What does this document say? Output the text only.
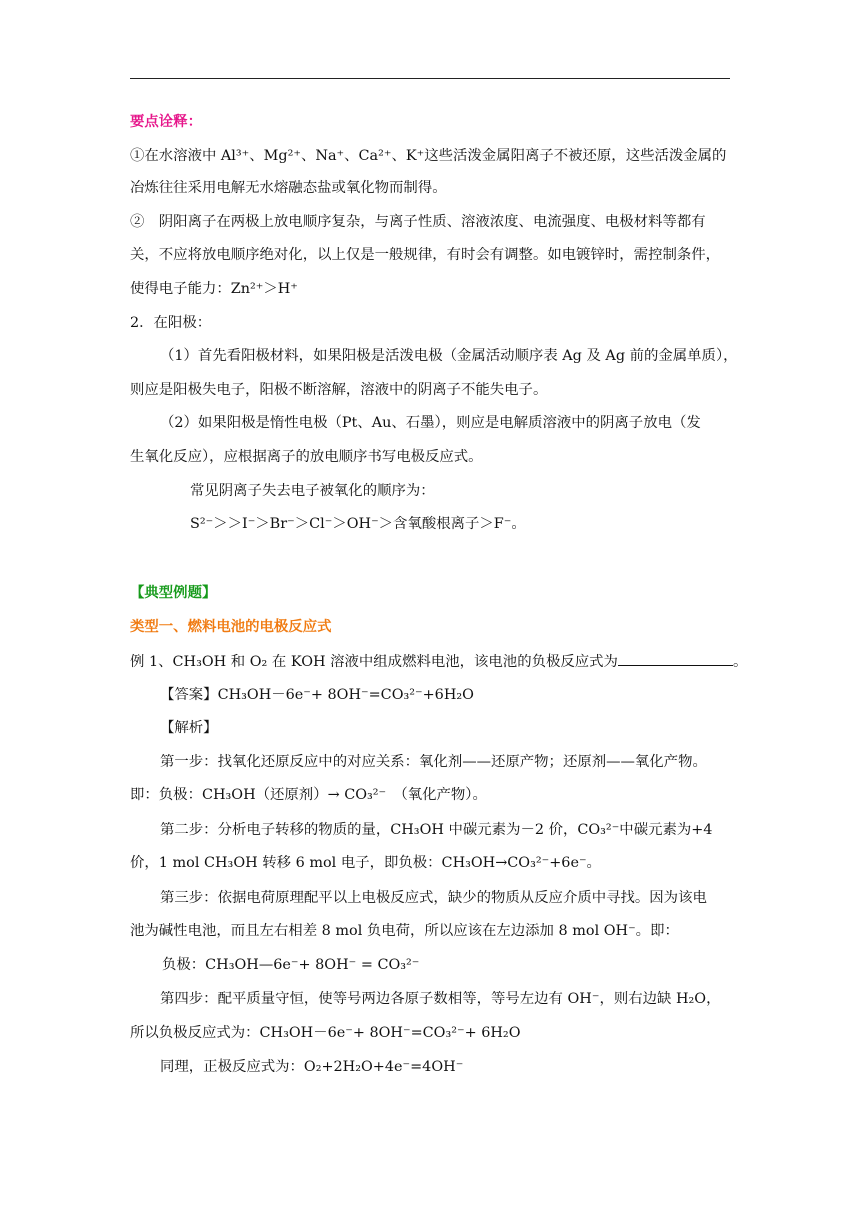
要点诠释：
①在水溶液中 Al³⁺、Mg²⁺、Na⁺、Ca²⁺、K⁺这些活泼金属阳离子不被还原，这些活泼金属的
冶炼往往采用电解无水熔融态盐或氧化物而制得。
②　阴阳离子在两极上放电顺序复杂，与离子性质、溶液浓度、电流强度、电极材料等都有
关，不应将放电顺序绝对化，以上仅是一般规律，有时会有调整。如电镀锌时，需控制条件，
使得电子能力：Zn²⁺＞H⁺
2．在阳极：
（1）首先看阳极材料，如果阳极是活泼电极（金属活动顺序表 Ag 及 Ag 前的金属单质），
则应是阳极失电子，阳极不断溶解，溶液中的阴离子不能失电子。
（2）如果阳极是惰性电极（Pt、Au、石墨），则应是电解质溶液中的阴离子放电（发
生氧化反应），应根据离子的放电顺序书写电极反应式。
常见阴离子失去电子被氧化的顺序为：
S²⁻＞＞I⁻＞Br⁻＞Cl⁻＞OH⁻＞含氧酸根离子＞F⁻。
【典型例题】
类型一、燃料电池的电极反应式
例 1、CH₃OH 和 O₂ 在 KOH 溶液中组成燃料电池，该电池的负极反应式为	。
【答案】CH₃OH－6e⁻+ 8OH⁻=CO₃²⁻+6H₂O
【解析】
第一步：找氧化还原反应中的对应关系：氧化剂——还原产物；还原剂——氧化产物。
即：负极：CH₃OH（还原剂）→ CO₃²⁻　（氧化产物）。
第二步：分析电子转移的物质的量，CH₃OH 中碳元素为－2 价，CO₃²⁻中碳元素为+4
价，1 mol CH₃OH 转移 6 mol 电子，即负极：CH₃OH→CO₃²⁻+6e⁻。
第三步：依据电荷原理配平以上电极反应式，缺少的物质从反应介质中寻找。因为该电
池为碱性电池，而且左右相差 8 mol 负电荷，所以应该在左边添加 8 mol OH⁻。即：
负极：CH₃OH—6e⁻+ 8OH⁻ = CO₃²⁻
第四步：配平质量守恒，使等号两边各原子数相等，等号左边有 OH⁻，则右边缺 H₂O，
所以负极反应式为：CH₃OH－6e⁻+ 8OH⁻=CO₃²⁻+ 6H₂O
同理，正极反应式为：O₂+2H₂O+4e⁻=4OH⁻
